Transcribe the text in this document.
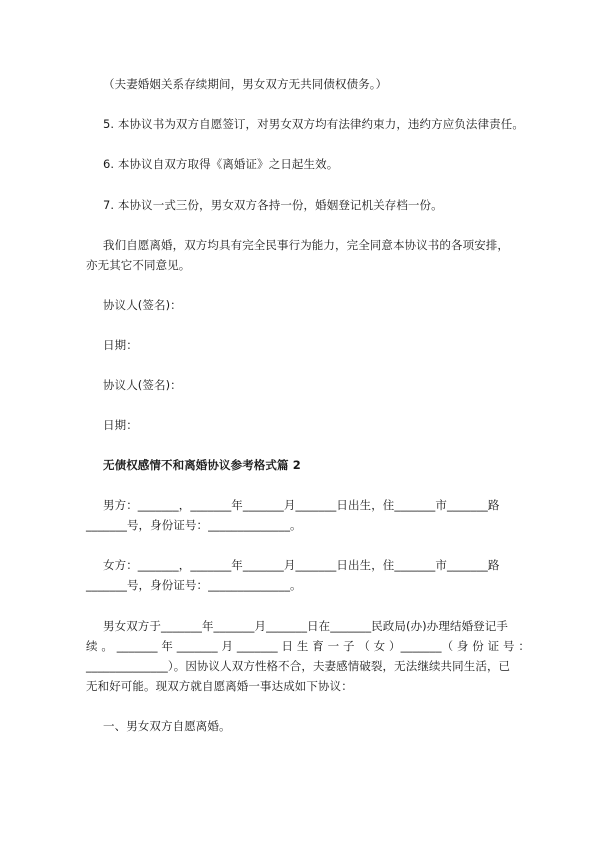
（夫妻婚姻关系存续期间，男女双方无共同债权债务。）
5. 本协议书为双方自愿签订，对男女双方均有法律约束力，违约方应负法律责任。
6. 本协议自双方取得《离婚证》之日起生效。
7. 本协议一式三份，男女双方各持一份，婚姻登记机关存档一份。
我们自愿离婚，双方均具有完全民事行为能力，完全同意本协议书的各项安排，
亦无其它不同意见。
协议人(签名)：
日期：
协议人(签名)：
日期：
无债权感情不和离婚协议参考格式篇 2
男方：_______，_______年_______月_______日出生，住_______市_______路
_______号，身份证号：______________。
女方：_______，_______年_______月_______日出生，住_______市_______路
_______号，身份证号：______________。
男女双方于_______年_______月_______日在_______民政局(办)办理结婚登记手
续 。 _______ 年 _______ 月 _______ 日 生 育 一 子 （ 女 ）_______（ 身 份 证 号 ：
______________）。因协议人双方性格不合，夫妻感情破裂，无法继续共同生活，已
无和好可能。现双方就自愿离婚一事达成如下协议：
一、男女双方自愿离婚。
